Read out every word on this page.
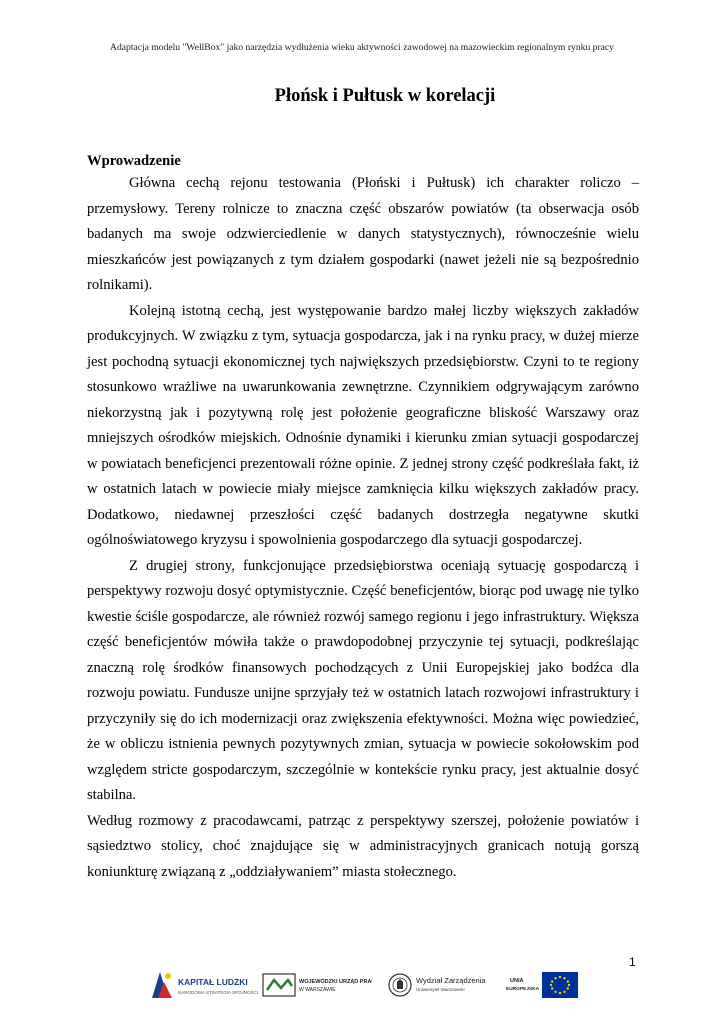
Adaptacja modelu "WellBox" jako narzędzia wydłużenia wieku aktywności zawodowej na mazowieckim regionalnym rynku pracy
Płońsk i Pułtusk w korelacji
Wprowadzenie

Główna cechą rejonu testowania (Płoński i Pułtusk) ich charakter roliczo – przemysłowy. Tereny rolnicze to znaczna część obszarów powiatów (ta obserwacja osób badanych ma swoje odzwierciedlenie w danych statystycznych), równocześnie wielu mieszkańców jest powiązanych z tym działem gospodarki (nawet jeżeli nie są bezpośrednio rolnikami).

Kolejną istotną cechą, jest występowanie bardzo małej liczby większych zakładów produkcyjnych. W związku z tym, sytuacja gospodarcza, jak i na rynku pracy, w dużej mierze jest pochodną sytuacji ekonomicznej tych największych przedsiębiorstw. Czyni to te regiony stosunkowo wrażliwe na uwarunkowania zewnętrzne. Czynnikiem odgrywającym zarówno niekorzystną jak i pozytywną rolę jest położenie geograficzne bliskość Warszawy oraz mniejszych ośrodków miejskich. Odnośnie dynamiki i kierunku zmian sytuacji gospodarczej w powiatach beneficjenci prezentowali różne opinie. Z jednej strony część podkreślała fakt, iż w ostatnich latach w powiecie miały miejsce zamknięcia kilku większych zakładów pracy. Dodatkowo, niedawnej przeszłości część badanych dostrzegła negatywne skutki ogólnoświatowego kryzysu i spowolnienia gospodarczego dla sytuacji gospodarczej.

Z drugiej strony, funkcjonujące przedsiębiorstwa oceniają sytuację gospodarczą i perspektywy rozwoju dosyć optymistycznie. Część beneficjentów, biorąc pod uwagę nie tylko kwestie ściśle gospodarcze, ale również rozwój samego regionu i jego infrastruktury. Większa część beneficjentów mówiła także o prawdopodobnej przyczynie tej sytuacji, podkreślając znaczną rolę środków finansowych pochodzących z Unii Europejskiej jako bodźca dla rozwoju powiatu. Fundusze unijne sprzyjały też w ostatnich latach rozwojowi infrastruktury i przyczyniły się do ich modernizacji oraz zwiększenia efektywności. Można więc powiedzieć, że w obliczu istnienia pewnych pozytywnych zmian, sytuacja w powiecie sokołowskim pod względem stricte gospodarczym, szczególnie w kontekście rynku pracy, jest aktualnie dosyć stabilna.

Według rozmowy z pracodawcami, patrząc z perspektywy szerszej, położenie powiatów i sąsiedztwo stolicy, choć znajdujące się w administracyjnych granicach notują gorszą koniunkturę związaną z „oddziaływaniem” miasta stołecznego.

1
KAPITAŁ LUDZKI
NARODOWA STRATEGIA SPÓJNOŚCI
WOJEWÓDZKI URZĄD PRACY
W WARSZAWIE
Wydział Zarządzenia
Uniwersytet Warszawski
UNIA
EUROPEJSKA
